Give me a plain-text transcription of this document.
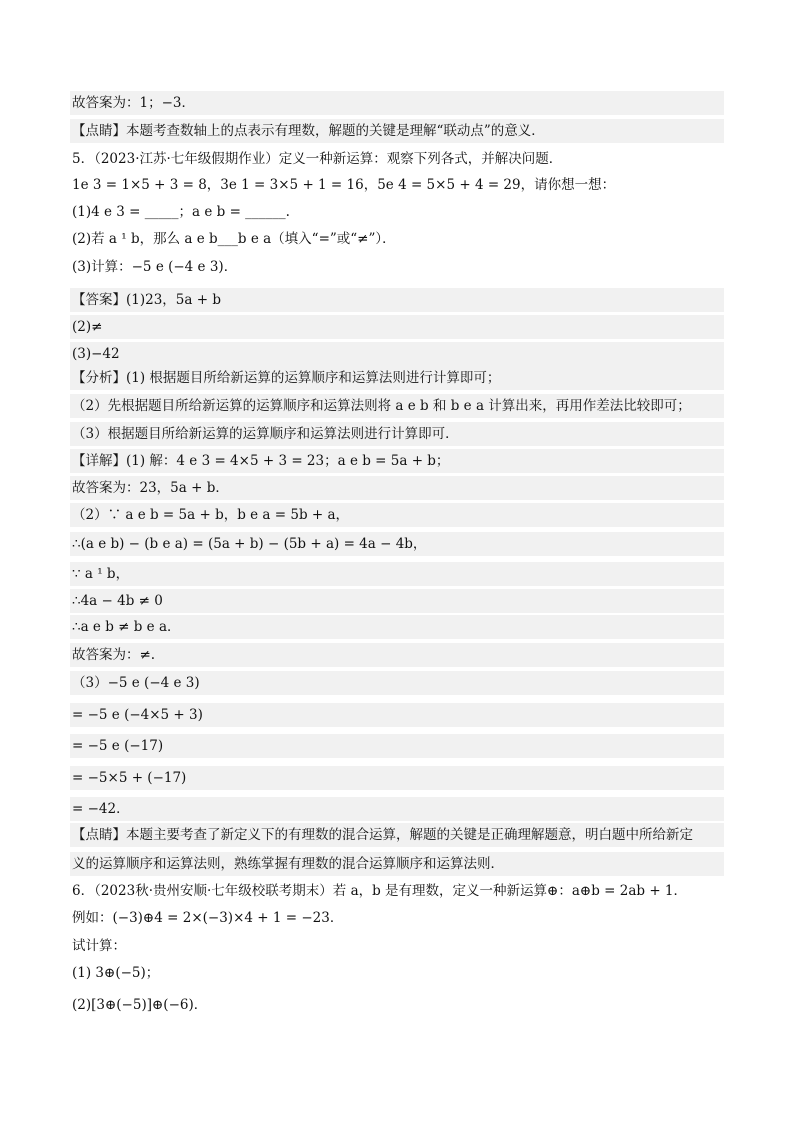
故答案为：1；−3．
【点睛】本题考查数轴上的点表示有理数，解题的关键是理解“联动点”的意义．
5．（2023·江苏·七年级假期作业）定义一种新运算：观察下列各式，并解决问题．
1e 3 = 1×5 + 3 = 8，3e 1 = 3×5 + 1 = 16，5e 4 = 5×5 + 4 = 29，请你想一想：
(1)4 e 3 = _____；a e b = ______.
(2)若 a ¹ b，那么 a e b___b e a（填入“=”或“≠”）．
(3)计算：−5 e (−4 e 3)．
【答案】(1)23，5a + b
(2)≠
(3)−42
【分析】(1) 根据题目所给新运算的运算顺序和运算法则进行计算即可；
（2）先根据题目所给新运算的运算顺序和运算法则将 a e b 和 b e a 计算出来，再用作差法比较即可；
（3）根据题目所给新运算的运算顺序和运算法则进行计算即可．
【详解】(1) 解：4 e 3 = 4×5 + 3 = 23；a e b = 5a + b；
故答案为：23，5a + b．
（2）∵ a e b = 5a + b，b e a = 5b + a，
∴(a e b) − (b e a) = (5a + b) − (5b + a) = 4a − 4b，
∵ a ¹ b，
∴4a − 4b ≠ 0
∴a e b ≠ b e a．
故答案为：≠.
（3）−5 e (−4 e 3)
= −5 e (−4×5 + 3)
= −5 e (−17)
= −5×5 + (−17)
= −42．
【点睛】本题主要考查了新定义下的有理数的混合运算，解题的关键是正确理解题意，明白题中所给新定
义的运算顺序和运算法则，熟练掌握有理数的混合运算顺序和运算法则．
6．（2023秋·贵州安顺·七年级校联考期末）若 a，b 是有理数，定义一种新运算⊕：a⊕b = 2ab + 1．
例如：(−3)⊕4 = 2×(−3)×4 + 1 = −23．
试计算：
(1) 3⊕(−5)；
(2)[3⊕(−5)]⊕(−6)．
